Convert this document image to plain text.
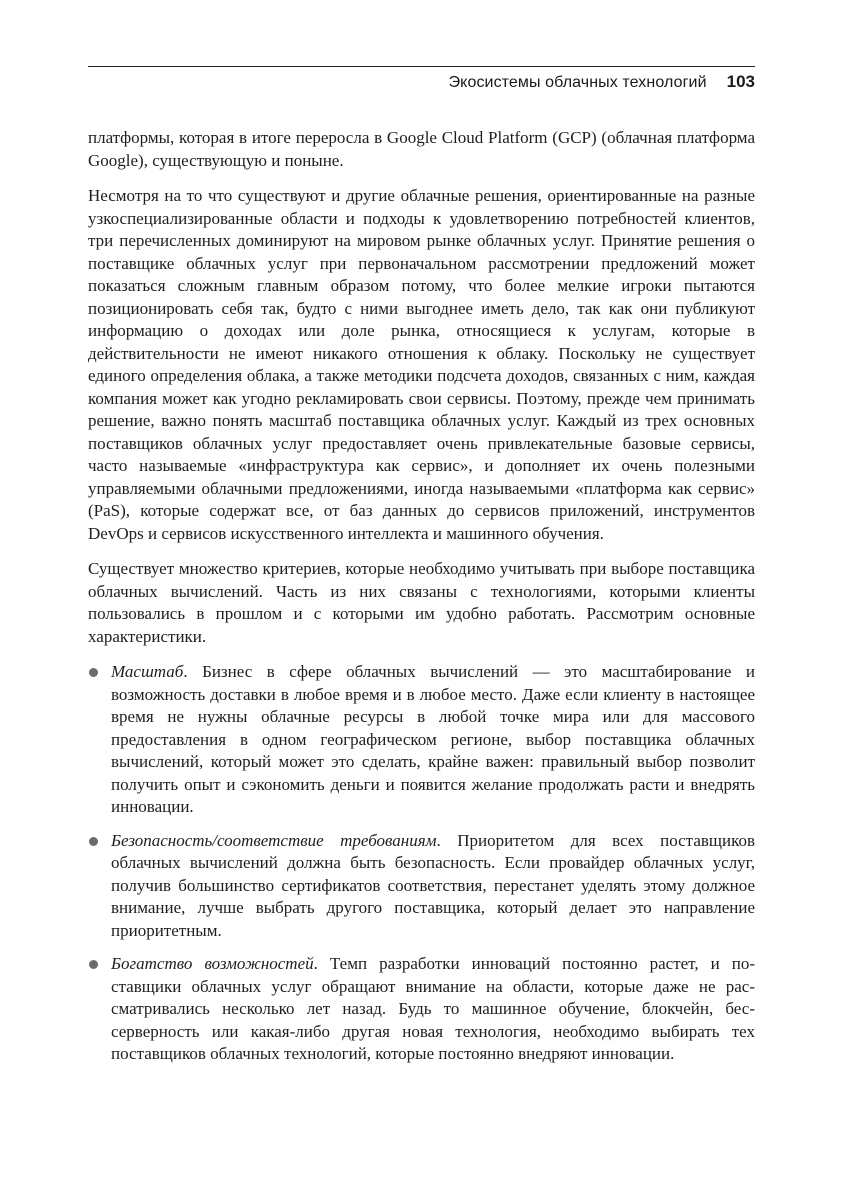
Экосистемы облачных технологий 103

платформы, которая в итоге переросла в Google Cloud Platform (GCP) (облачная платформа Google), существующую и поныне.

Несмотря на то что существуют и другие облачные решения, ориентированные на разные узкоспециализированные области и подходы к удовлетворению потребностей клиентов, три перечисленных доминируют на мировом рынке облачных услуг. Принятие решения о поставщике облачных услуг при первоначальном рассмотрении предложений может показаться сложным главным образом потому, что более мелкие игроки пытаются позиционировать себя так, будто с ними выгоднее иметь дело, так как они публикуют информацию о доходах или доле рынка, относящиеся к услугам, которые в действительности не имеют никакого отношения к облаку. Поскольку не существует единого определения облака, а также методики подсчета доходов, связанных с ним, каждая компания может как угодно рекламировать свои сервисы. Поэтому, прежде чем принимать решение, важно понять масштаб поставщика облачных услуг. Каждый из трех основных поставщиков облачных услуг предоставляет очень привлекательные базовые сервисы, часто называемые «инфраструктура как сервис», и дополняет их очень полезными управляемыми облачными предложениями, иногда называемыми «платформа как сервис» (PaS), которые содержат все, от баз данных до сервисов приложений, инструментов DevOps и сервисов искусственного интеллекта и машинного обучения.

Существует множество критериев, которые необходимо учитывать при выборе поставщика облачных вычислений. Часть из них связаны с технологиями, которыми клиенты пользовались в прошлом и с которыми им удобно работать. Рассмотрим основные характеристики.

Масштаб. Бизнес в сфере облачных вычислений — это масштабирование и возможность доставки в любое время и в любое место. Даже если клиенту в настоящее время не нужны облачные ресурсы в любой точке мира или для массового предоставления в одном географическом регионе, выбор поставщика облачных вычислений, который может это сделать, крайне важен: правильный выбор позволит получить опыт и сэкономить деньги и появится желание продолжать расти и внедрять инновации.
Безопасность/соответствие требованиям. Приоритетом для всех поставщиков облачных вычислений должна быть безопасность. Если провайдер облачных услуг, получив большинство сертификатов соответствия, перестанет уделять этому должное внимание, лучше выбрать другого поставщика, который делает это направление приоритетным.
Богатство возможностей. Темп разработки инноваций постоянно растет, и поставщики облачных услуг обращают внимание на области, которые даже не рассматривались несколько лет назад. Будь то машинное обучение, блокчейн, бессерверность или какая-либо другая новая технология, необходимо выбирать тех поставщиков облачных технологий, которые постоянно внедряют инновации.
